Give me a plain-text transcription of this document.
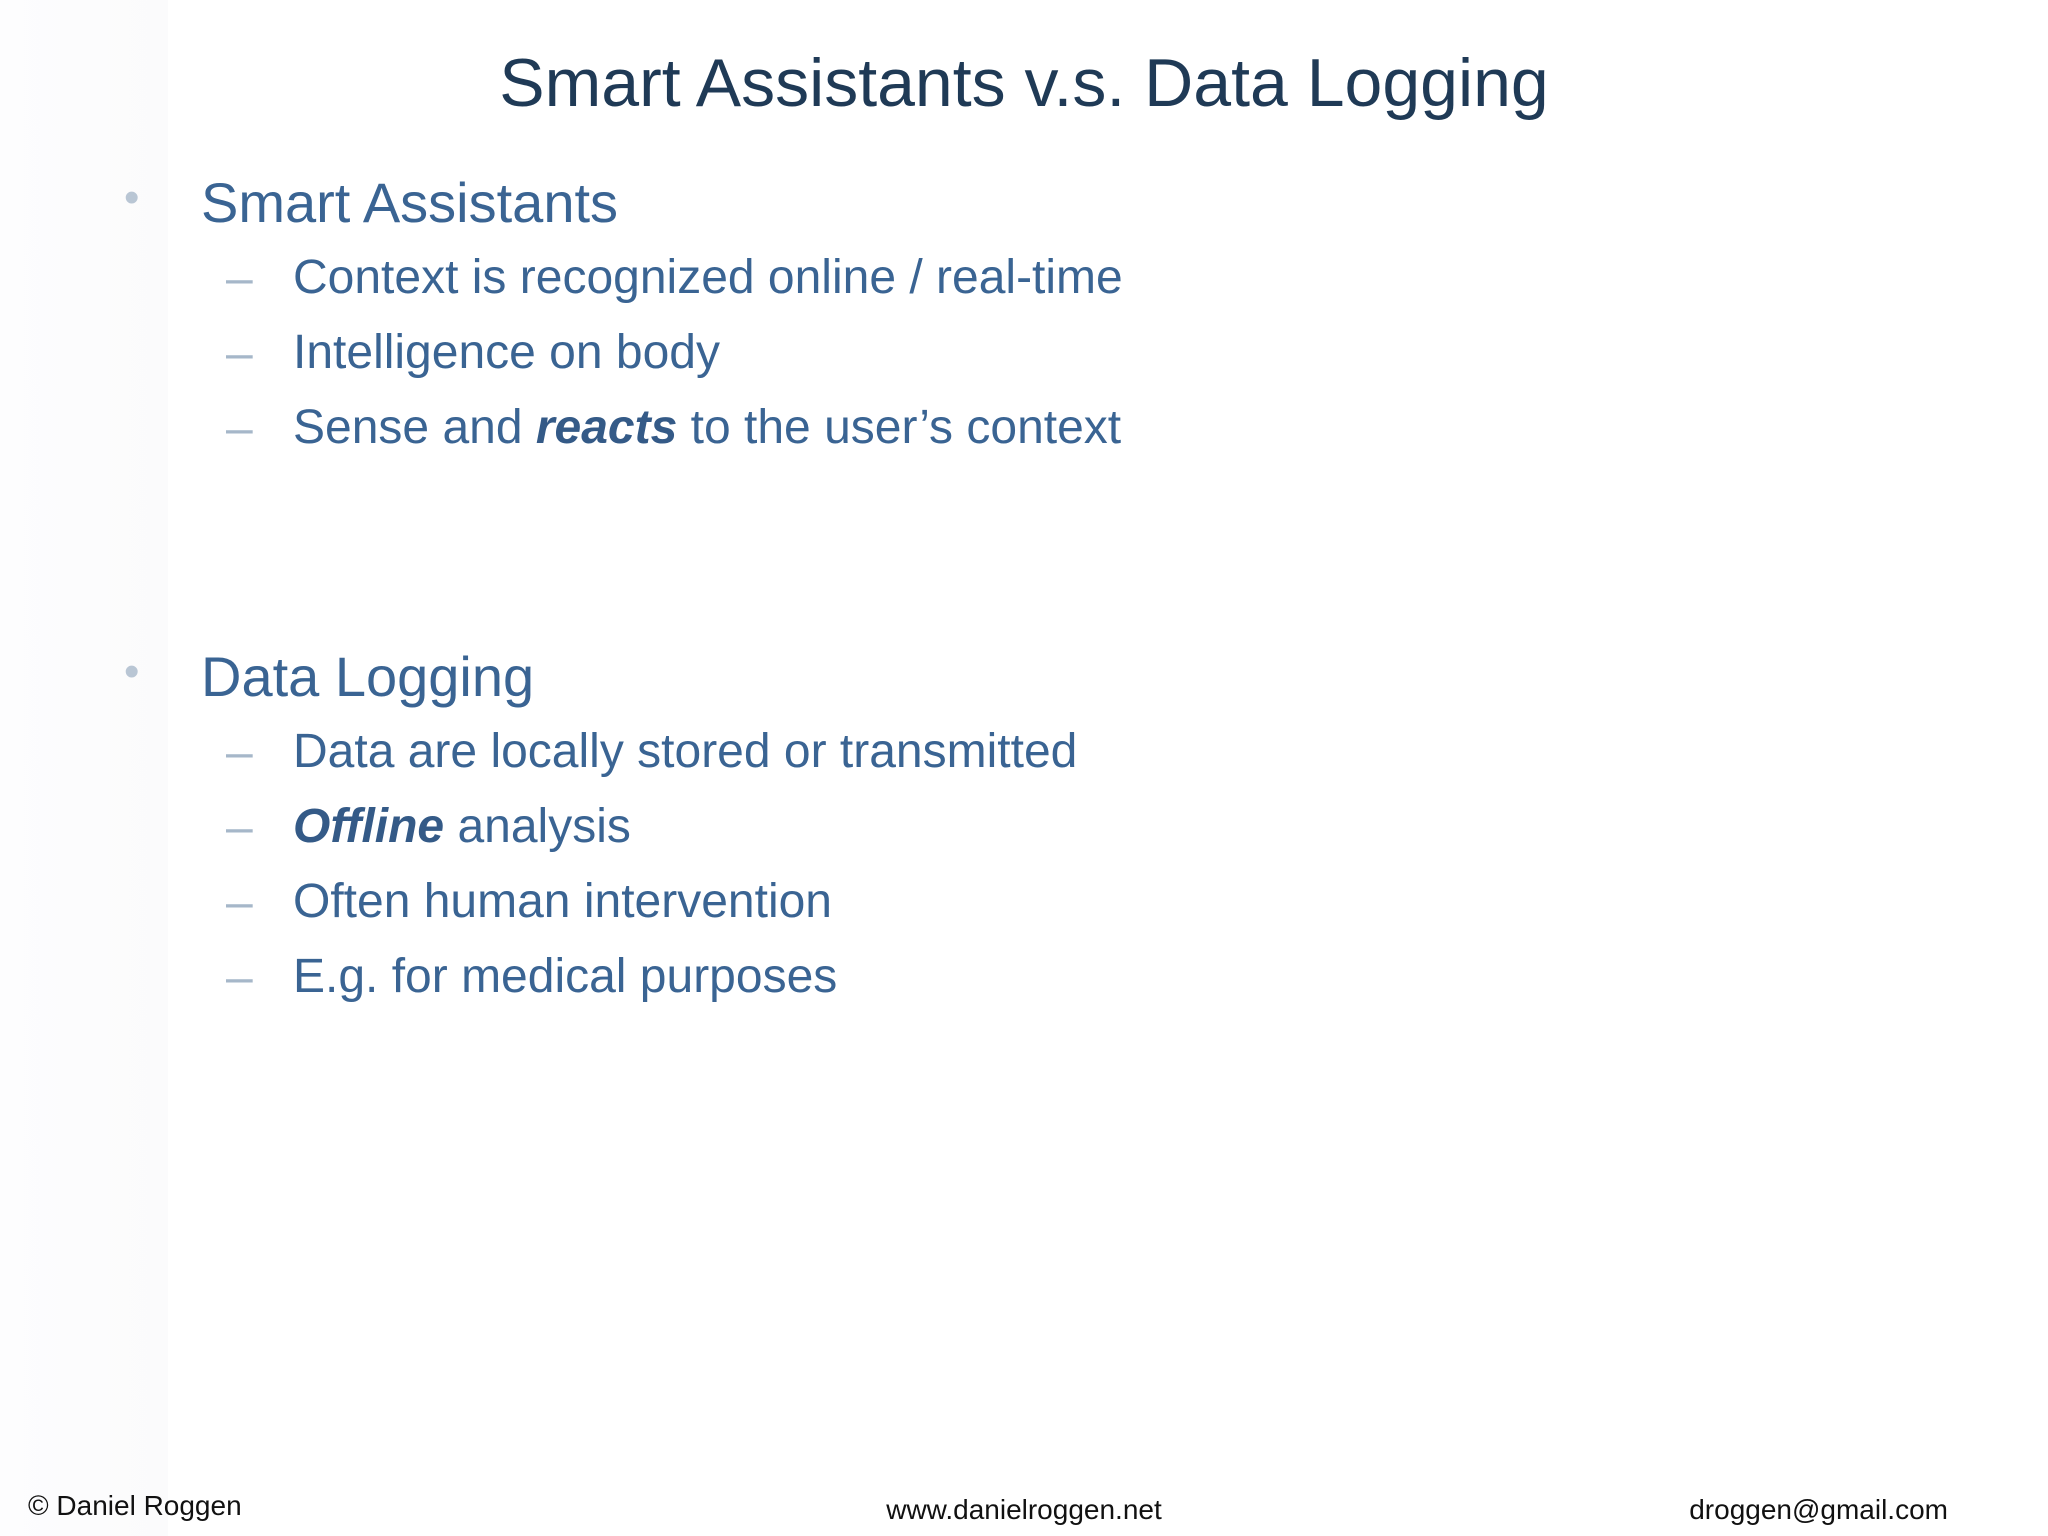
Smart Assistants v.s. Data Logging
• Smart Assistants
– Context is recognized online / real-time
– Intelligence on body
– Sense and reacts to the user’s context
• Data Logging
– Data are locally stored or transmitted
– Offline analysis
– Often human intervention
– E.g. for medical purposes
© Daniel Roggen	www.danielroggen.net	droggen@gmail.com
